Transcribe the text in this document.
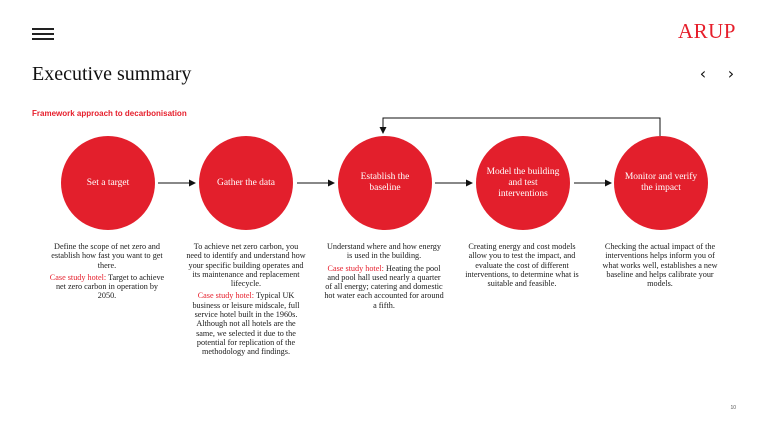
ARUP
Executive summary	‹ ›
Framework approach to decarbonisation
Set a target	Gather the data
Establish the baseline
Model the building and test interventions
Monitor and verify the impact

Define the scope of net zero and establish how fast you want to get there.

Case study hotel: Target to achieve net zero carbon in operation by 2050.

To achieve net zero carbon, you need to identify and understand how your specific building operates and its maintenance and replacement lifecycle.

Case study hotel: Typical UK business or leisure midscale, full service hotel built in the 1960s. Although not all hotels are the same, we selected it due to the potential for replication of the methodology and findings.

Understand where and how energy is used in the building.

Case study hotel: Heating the pool and pool hall used nearly a quarter of all energy; catering and domestic hot water each accounted for around a fifth.

Creating energy and cost models allow you to test the impact, and evaluate the cost of different interventions, to determine what is suitable and feasible.

Checking the actual impact of the interventions helps inform you of what works well, establishes a new baseline and helps calibrate your models.

10
